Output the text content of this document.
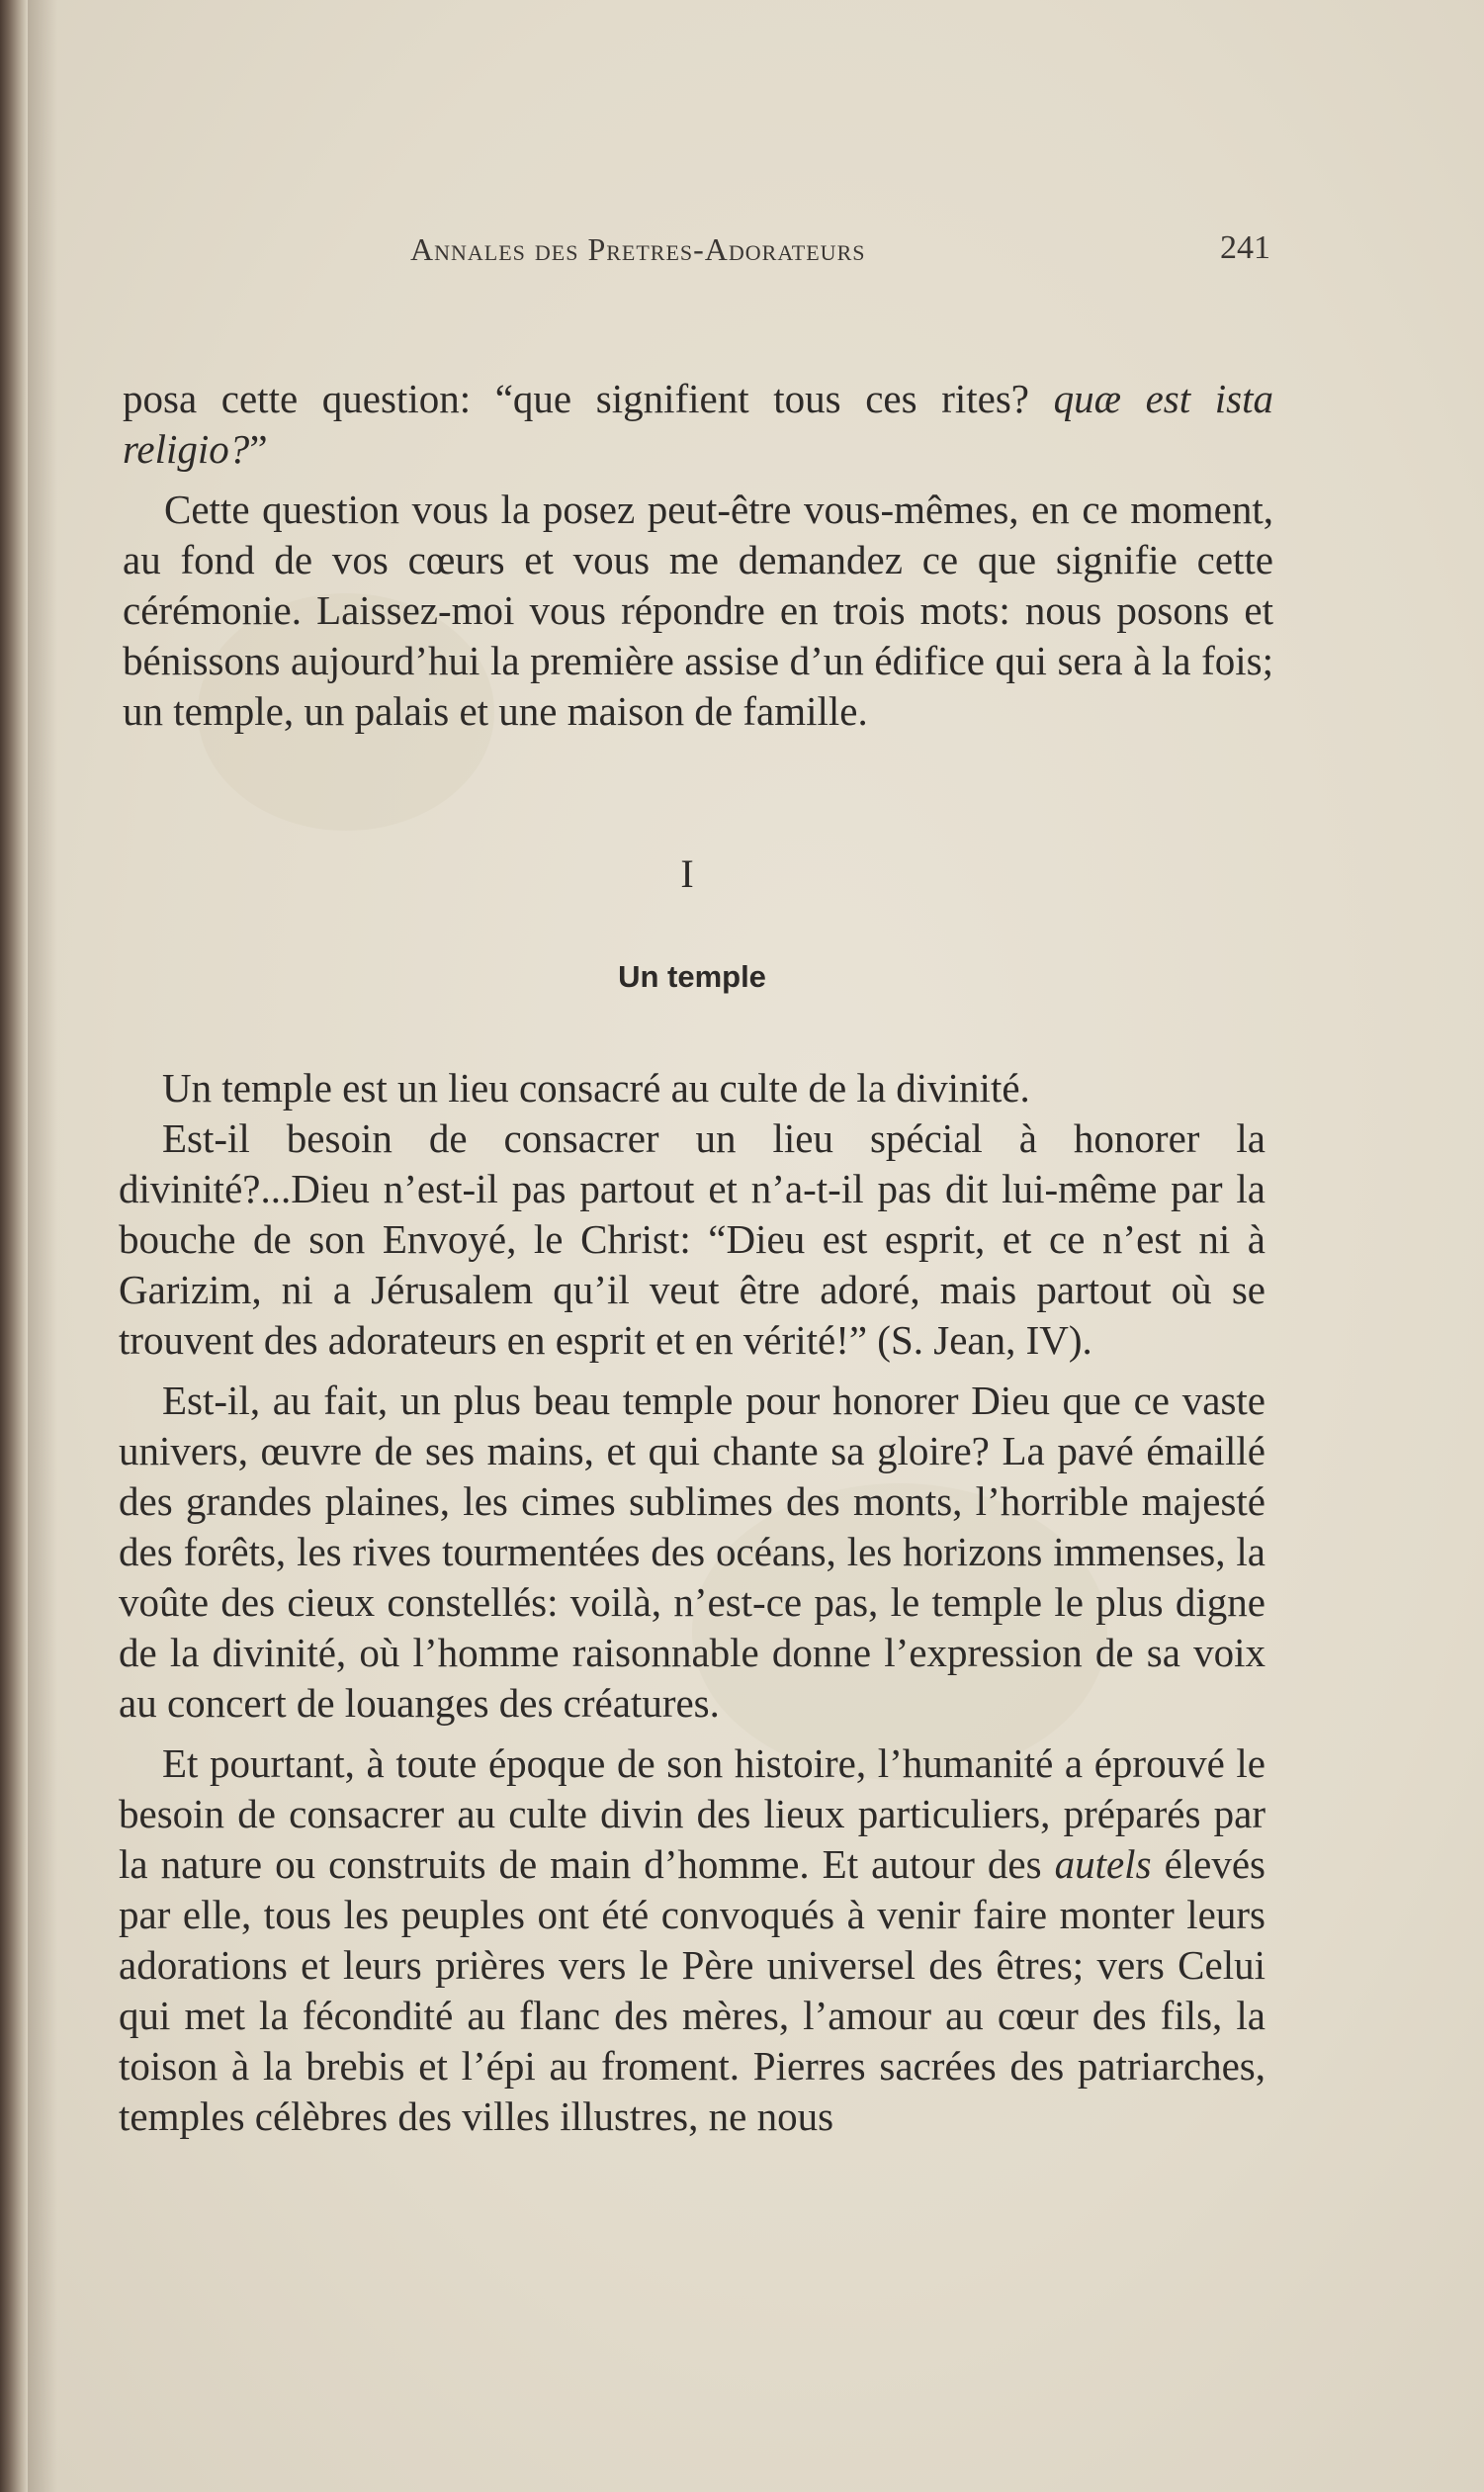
Annales des Pretres-Adorateurs	241

posa cette question: “que signifient tous ces rites? quæ est ista religio?”

Cette question vous la posez peut-être vous-mêmes, en ce moment, au fond de vos cœurs et vous me demandez ce que signifie cette cérémonie. Laissez-moi vous répondre en trois mots: nous posons et bénissons aujourd’hui la première assise d’un édifice qui sera à la fois; un temple, un palais et une maison de famille.

I
Un temple

Un temple est un lieu consacré au culte de la divinité.

Est-il besoin de consacrer un lieu spécial à honorer la divinité?...Dieu n’est-il pas partout et n’a-t-il pas dit lui-même par la bouche de son Envoyé, le Christ: “Dieu est esprit, et ce n’est ni à Garizim, ni a Jérusalem qu’il veut être adoré, mais partout où se trouvent des adorateurs en esprit et en vérité!” (S. Jean, IV).

Est-il, au fait, un plus beau temple pour honorer Dieu que ce vaste univers, œuvre de ses mains, et qui chante sa gloire? La pavé émaillé des grandes plaines, les cimes sublimes des monts, l’horrible majesté des forêts, les rives tourmentées des océans, les horizons immenses, la voûte des cieux constellés: voilà, n’est-ce pas, le temple le plus digne de la divinité, où l’homme raisonnable donne l’expression de sa voix au concert de louanges des créatures.

Et pourtant, à toute époque de son histoire, l’humanité a éprouvé le besoin de consacrer au culte divin des lieux particuliers, préparés par la nature ou construits de main d’homme. Et autour des autels élevés par elle, tous les peuples ont été convoqués à venir faire monter leurs adorations et leurs prières vers le Père universel des êtres; vers Celui qui met la fécondité au flanc des mères, l’amour au cœur des fils, la toison à la brebis et l’épi au froment. Pierres sacrées des patriarches, temples célèbres des villes illustres, ne nous
